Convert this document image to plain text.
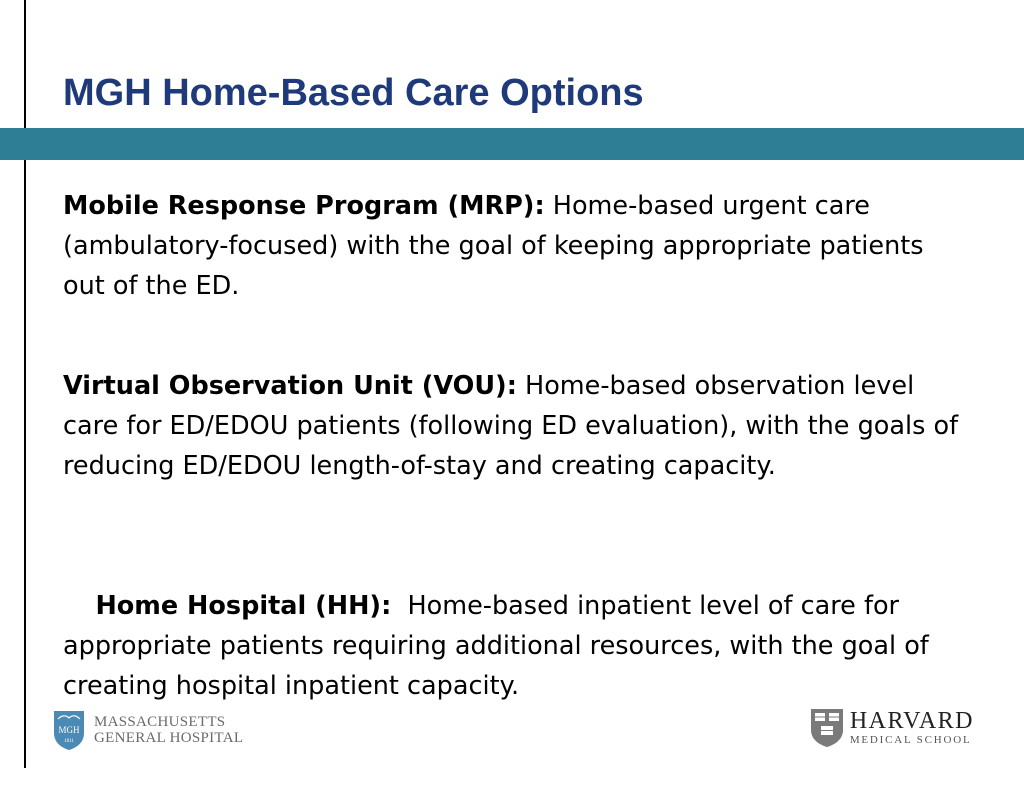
MGH Home-Based Care Options

Mobile Response Program (MRP): Home-based urgent care (ambulatory-focused) with the goal of keeping appropriate patients out of the ED.

Virtual Observation Unit (VOU): Home-based observation level care for ED/EDOU patients (following ED evaluation), with the goals of reducing ED/EDOU length-of-stay and creating capacity.

Home Hospital (HH):  Home-based inpatient level of care for appropriate patients requiring additional resources, with the goal of creating hospital inpatient capacity.

MGH
1811
MASSACHUSETTS
GENERAL HOSPITAL
HARVARD
MEDICAL SCHOOL
